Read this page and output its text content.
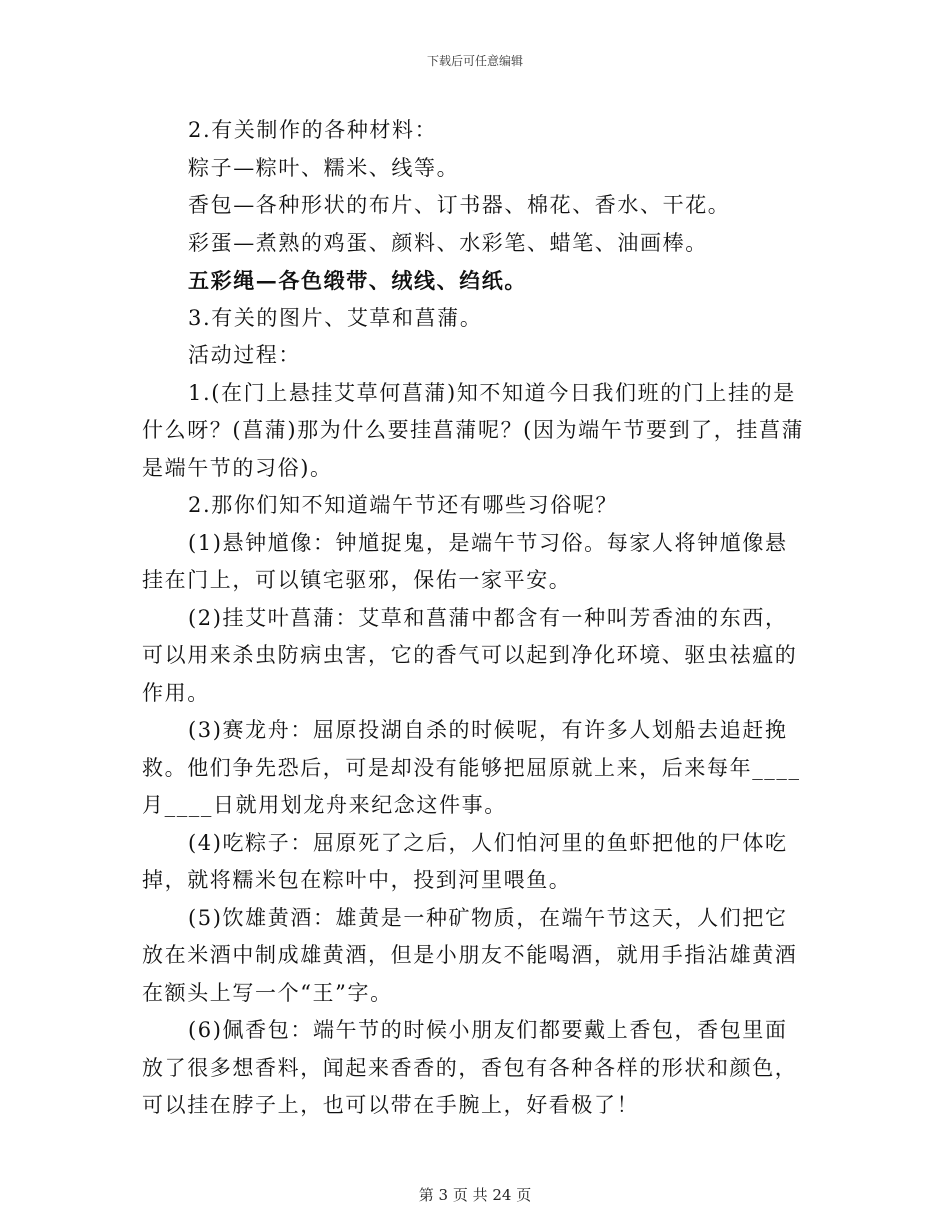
下载后可任意编辑

2.有关制作的各种材料：

粽子—粽叶、糯米、线等。

香包—各种形状的布片、订书器、棉花、香水、干花。

彩蛋—煮熟的鸡蛋、颜料、水彩笔、蜡笔、油画棒。

五彩绳—各色缎带、绒线、绉纸。

3.有关的图片、艾草和菖蒲。

活动过程：

1.(在门上悬挂艾草何菖蒲)知不知道今日我们班的门上挂的是什么呀？(菖蒲)那为什么要挂菖蒲呢？(因为端午节要到了，挂菖蒲是端午节的习俗)。

2.那你们知不知道端午节还有哪些习俗呢？

(1)悬钟馗像：钟馗捉鬼，是端午节习俗。每家人将钟馗像悬挂在门上，可以镇宅驱邪，保佑一家平安。

(2)挂艾叶菖蒲：艾草和菖蒲中都含有一种叫芳香油的东西，可以用来杀虫防病虫害，它的香气可以起到净化环境、驱虫祛瘟的作用。

(3)赛龙舟：屈原投湖自杀的时候呢，有许多人划船去追赶挽救。他们争先恐后，可是却没有能够把屈原就上来，后来每年____月____日就用划龙舟来纪念这件事。

(4)吃粽子：屈原死了之后，人们怕河里的鱼虾把他的尸体吃掉，就将糯米包在粽叶中，投到河里喂鱼。

(5)饮雄黄酒：雄黄是一种矿物质，在端午节这天，人们把它放在米酒中制成雄黄酒，但是小朋友不能喝酒，就用手指沾雄黄酒在额头上写一个“王”字。

(6)佩香包：端午节的时候小朋友们都要戴上香包，香包里面放了很多想香料，闻起来香香的，香包有各种各样的形状和颜色，可以挂在脖子上，也可以带在手腕上，好看极了！

第 3 页 共 24 页
